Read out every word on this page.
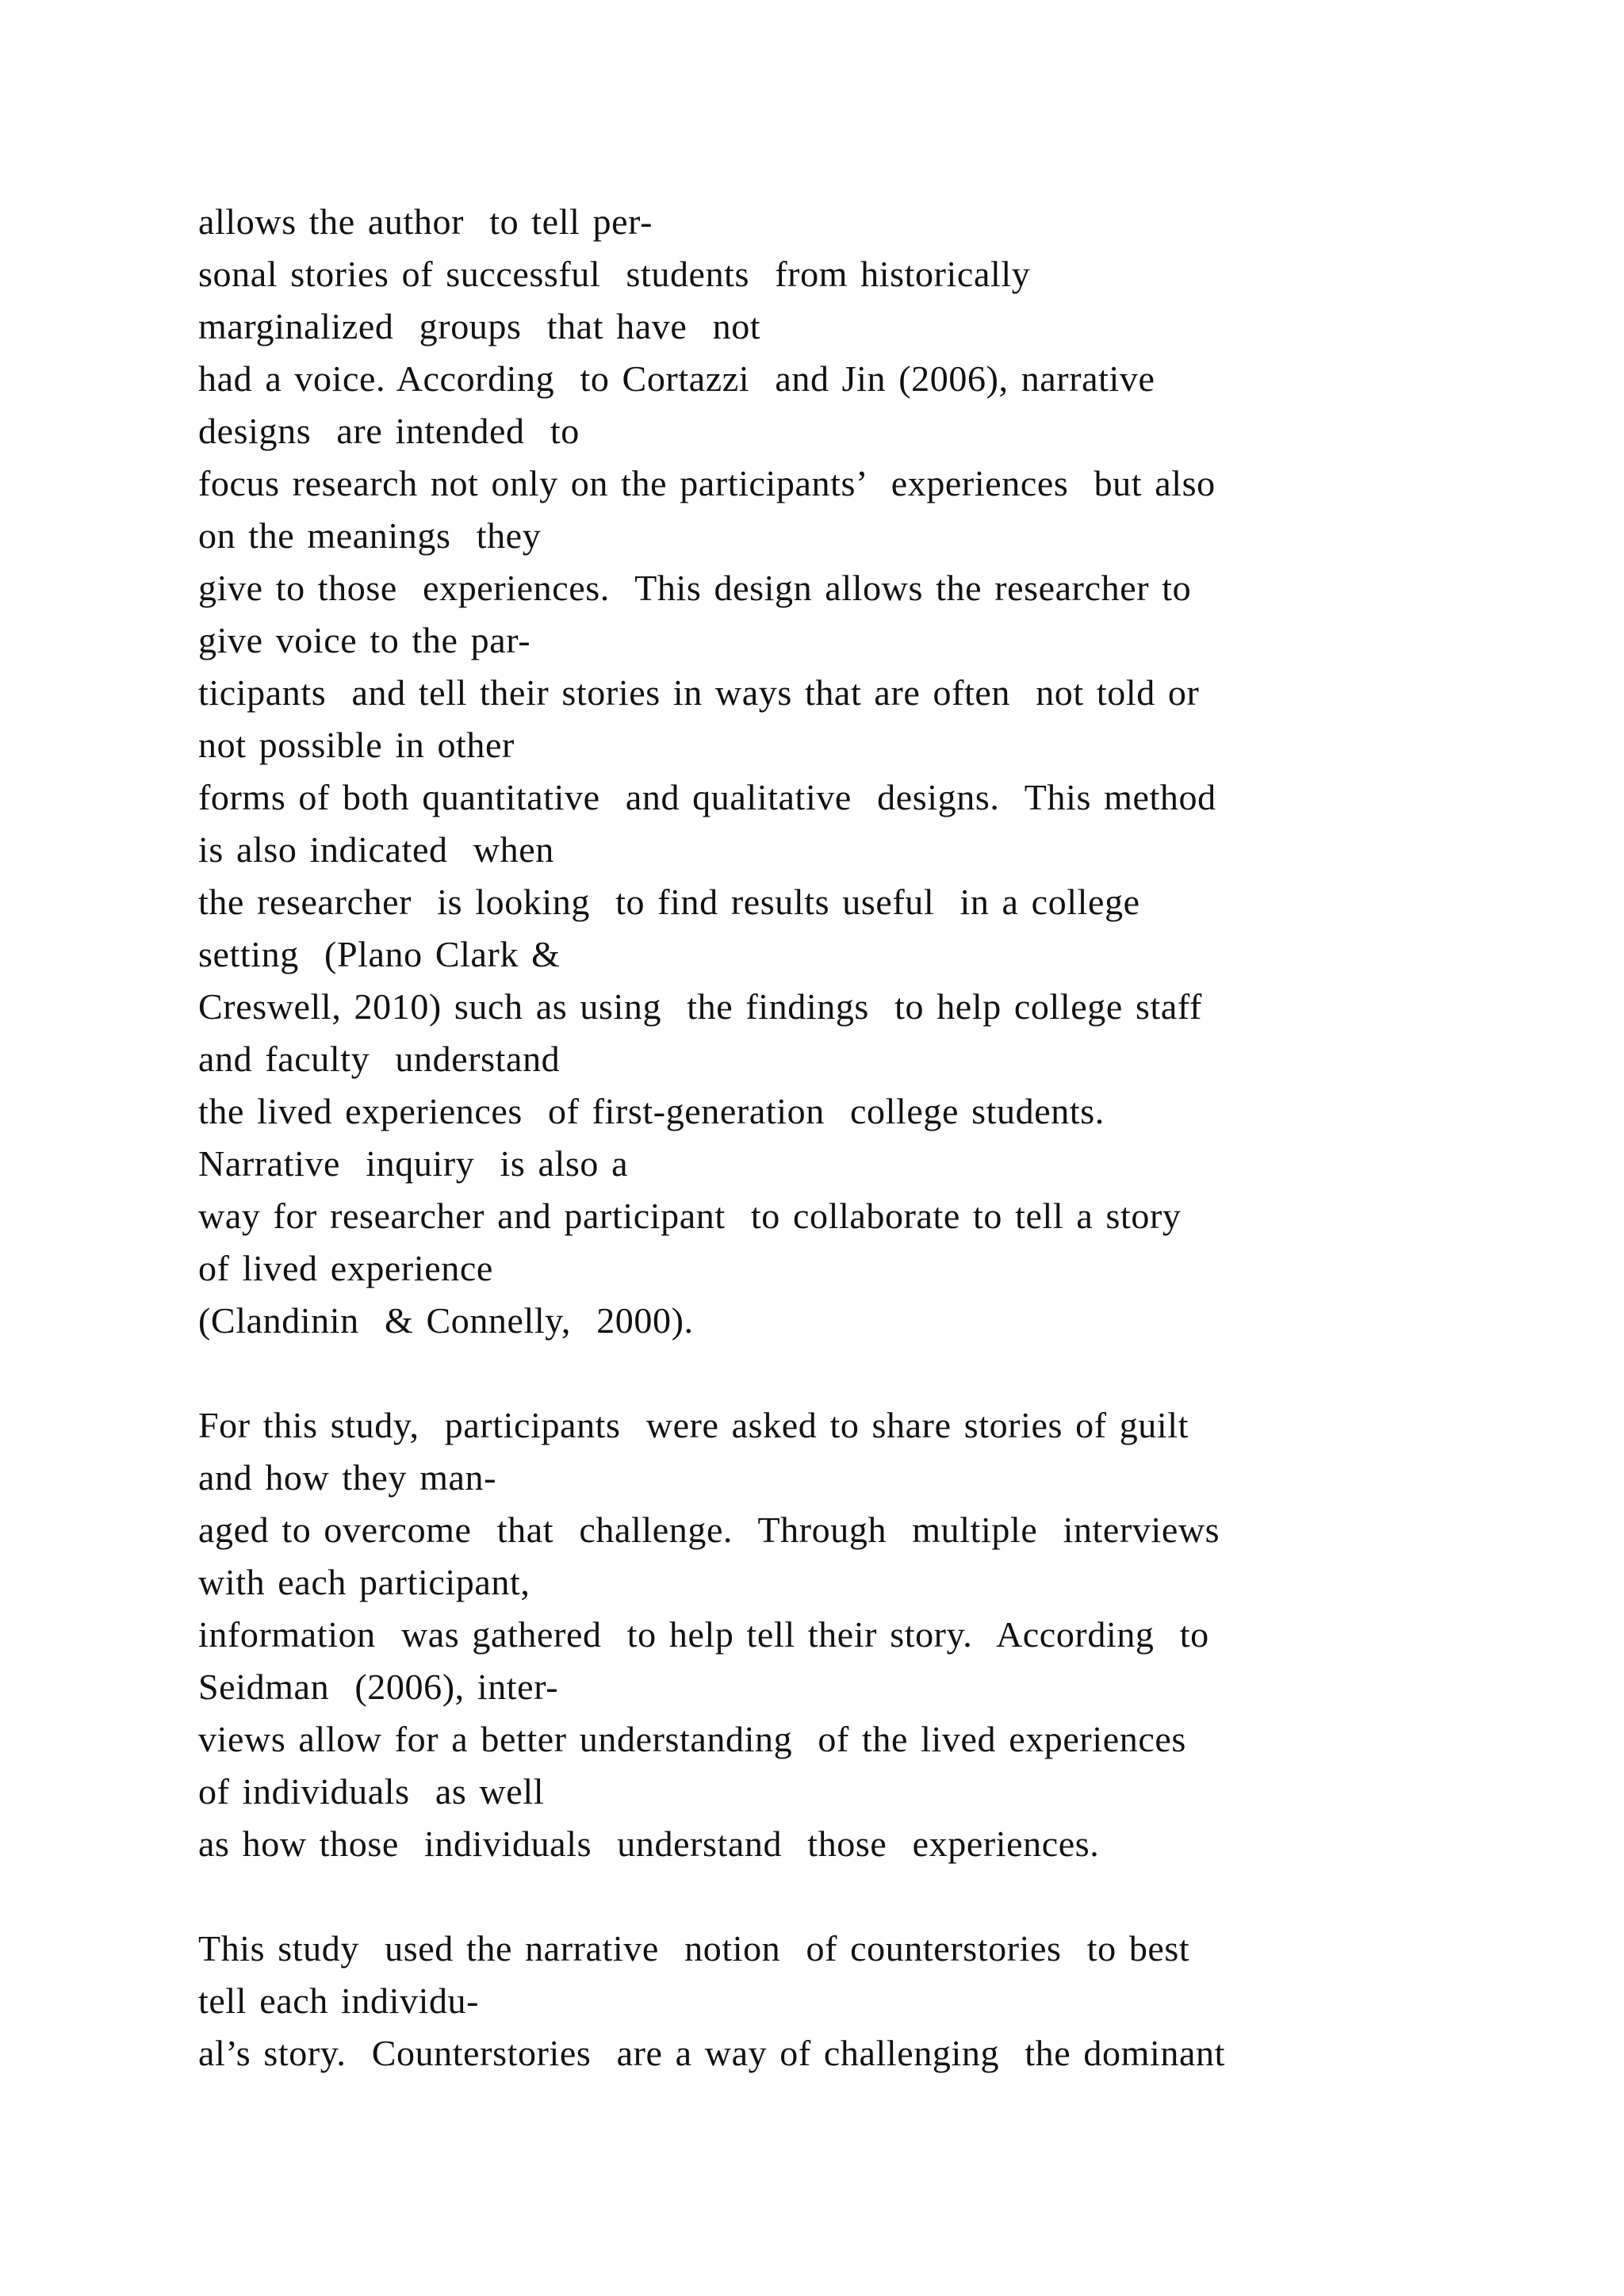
allows the author  to tell per-
sonal stories of successful  students  from historically
marginalized  groups  that have  not
had a voice. According  to Cortazzi  and Jin (2006), narrative
designs  are intended  to
focus research not only on the participants’  experiences  but also
on the meanings  they
give to those  experiences.  This design allows the researcher to
give voice to the par-
ticipants  and tell their stories in ways that are often  not told or
not possible in other
forms of both quantitative  and qualitative  designs.  This method
is also indicated  when
the researcher  is looking  to find results useful  in a college
setting  (Plano Clark &
Creswell, 2010) such as using  the findings  to help college staff
and faculty  understand
the lived experiences  of first-generation  college students.
Narrative  inquiry  is also a
way for researcher and participant  to collaborate to tell a story
of lived experience
(Clandinin  & Connelly,  2000).
For this study,  participants  were asked to share stories of guilt
and how they man-
aged to overcome  that  challenge.  Through  multiple  interviews
with each participant,
information  was gathered  to help tell their story.  According  to
Seidman  (2006), inter-
views allow for a better understanding  of the lived experiences
of individuals  as well
as how those  individuals  understand  those  experiences.
This study  used the narrative  notion  of counterstories  to best
tell each individu-
al’s story.  Counterstories  are a way of challenging  the dominant
